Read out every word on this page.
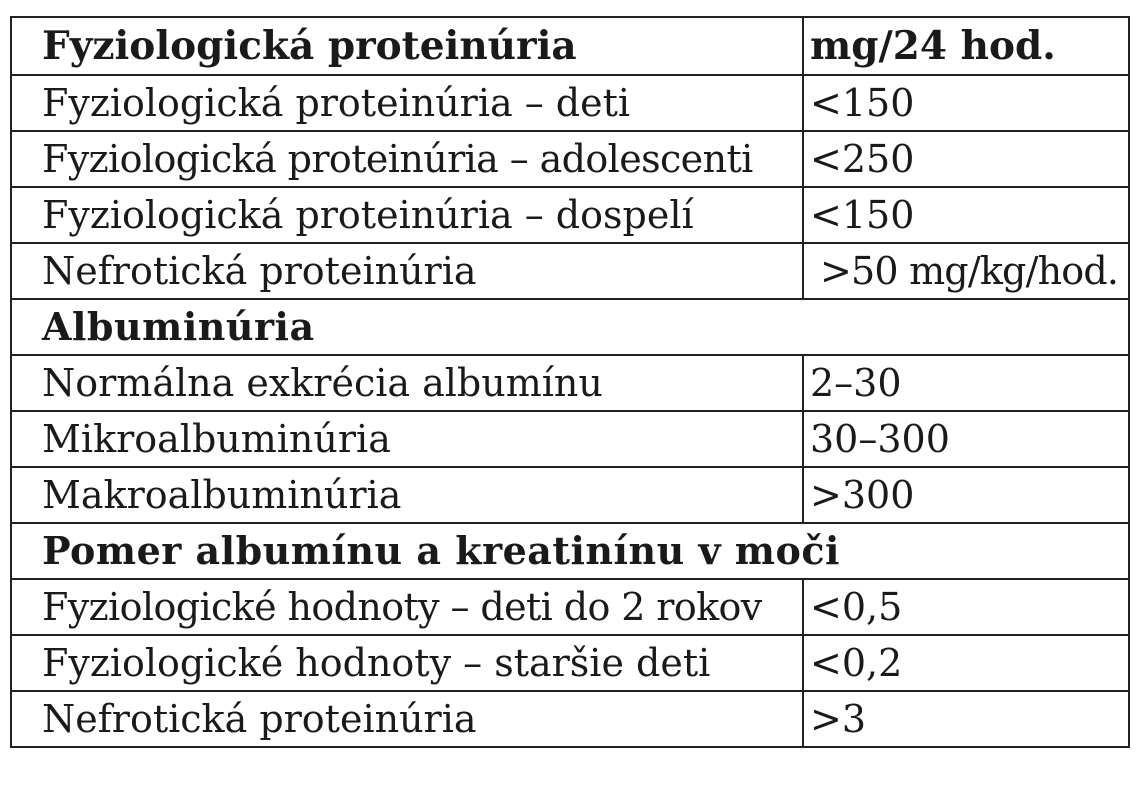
Fyziologická proteinúria	mg/24 hod.
Fyziologická proteinúria – deti	<150
Fyziologická proteinúria – adolescenti	<250
Fyziologická proteinúria – dospelí	<150
Nefrotická proteinúria	>50 mg/kg/hod.
Albuminúria	
Normálna exkrécia albumínu	2–30
Mikroalbuminúria	30–300
Makroalbuminúria	>300
Pomer albumínu a kreatinínu v moči	
Fyziologické hodnoty – deti do 2 rokov	<0,5
Fyziologické hodnoty – staršie deti	<0,2
Nefrotická proteinúria	>3
